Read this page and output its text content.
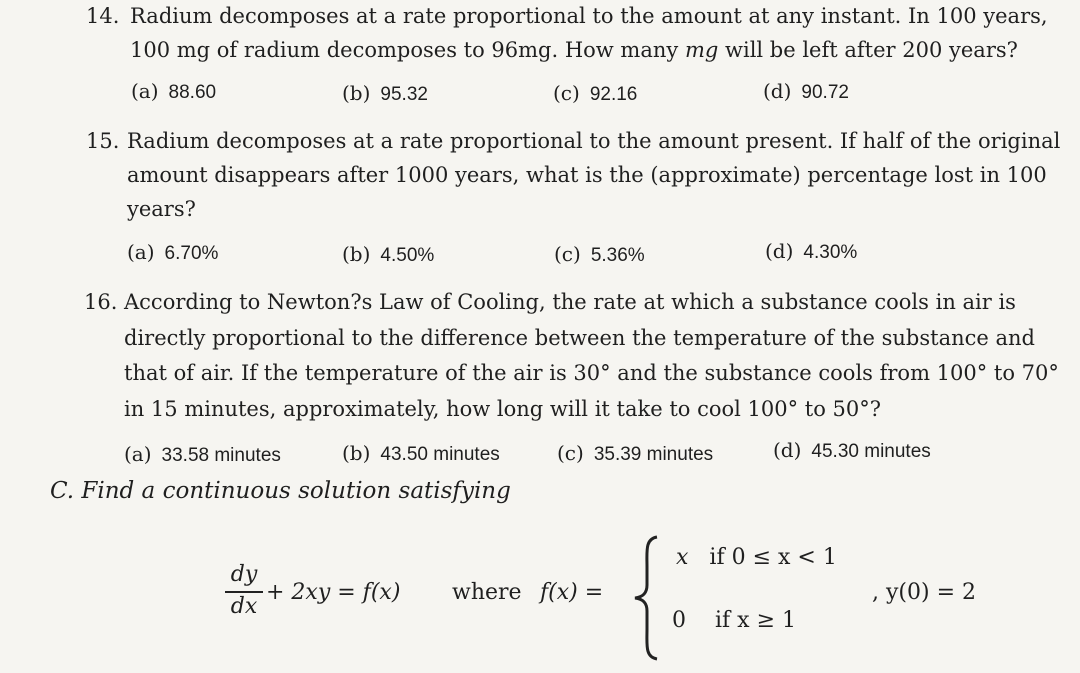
14. Radium decomposes at a rate proportional to the amount at any instant. In 100 years,
100 mg of radium decomposes to 96mg. How many mg will be left after 200 years?
(a) 88.60	(b) 95.32	(c) 92.16	(d) 90.72
15. Radium decomposes at a rate proportional to the amount present. If half of the original
amount disappears after 1000 years, what is the (approximate) percentage lost in 100
years?
(a) 6.70%	(b) 4.50%	(c) 5.36%	(d) 4.30%
16. According to Newton?s Law of Cooling, the rate at which a substance cools in air is
directly proportional to the difference between the temperature of the substance and
that of air. If the temperature of the air is 30° and the substance cools from 100° to 70°
in 15 minutes, approximately, how long will it take to cool 100° to 50°?
(a) 33.58 minutes	(b) 43.50 minutes	(c) 35.39 minutes	(d) 45.30 minutes
C. Find a continuous solution satisfying
dy
dx
+ 2xy = f(x) where f(x) =
x if 0 ≤ x < 1
0 if x ≥ 1
, y(0) = 2
